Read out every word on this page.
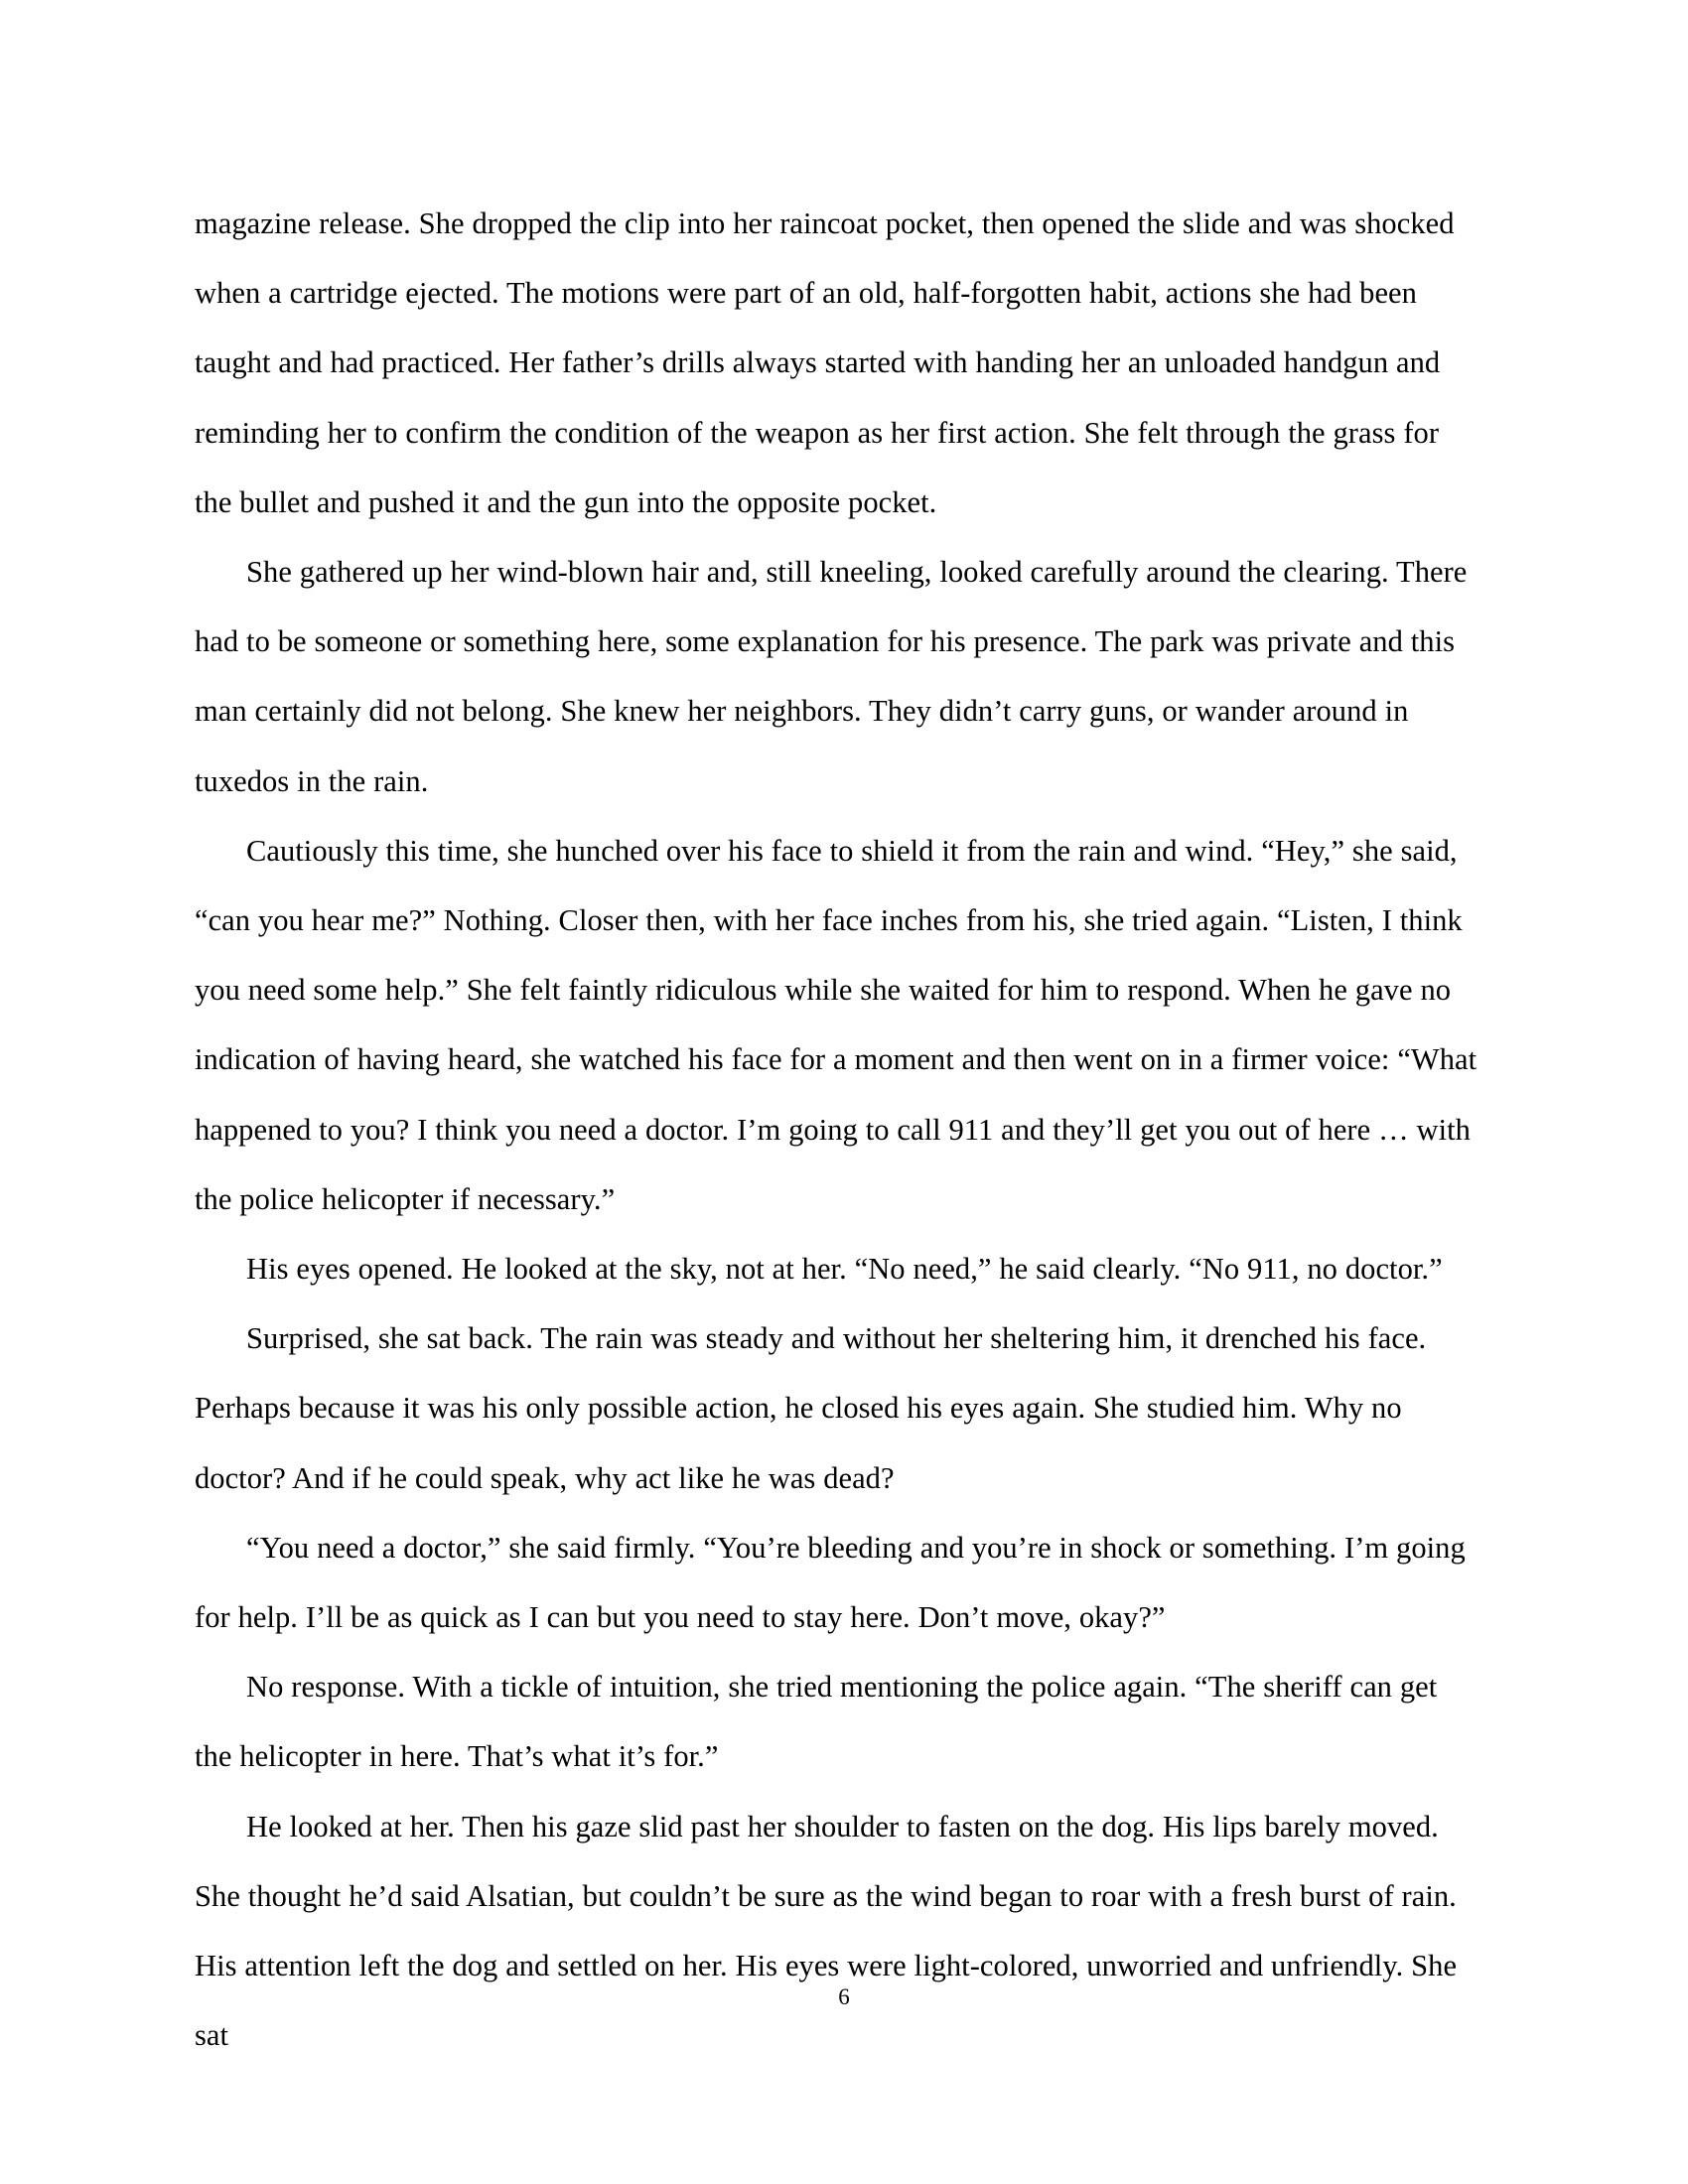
magazine release. She dropped the clip into her raincoat pocket, then opened the slide and was shocked when a cartridge ejected. The motions were part of an old, half-forgotten habit, actions she had been taught and had practiced. Her father’s drills always started with handing her an unloaded handgun and reminding her to confirm the condition of the weapon as her first action. She felt through the grass for the bullet and pushed it and the gun into the opposite pocket.

She gathered up her wind-blown hair and, still kneeling, looked carefully around the clearing. There had to be someone or something here, some explanation for his presence. The park was private and this man certainly did not belong. She knew her neighbors. They didn’t carry guns, or wander around in tuxedos in the rain.

Cautiously this time, she hunched over his face to shield it from the rain and wind. “Hey,” she said, “can you hear me?” Nothing. Closer then, with her face inches from his, she tried again. “Listen, I think you need some help.” She felt faintly ridiculous while she waited for him to respond. When he gave no indication of having heard, she watched his face for a moment and then went on in a firmer voice: “What happened to you? I think you need a doctor. I’m going to call 911 and they’ll get you out of here … with the police helicopter if necessary.”

His eyes opened. He looked at the sky, not at her. “No need,” he said clearly. “No 911, no doctor.”

Surprised, she sat back. The rain was steady and without her sheltering him, it drenched his face. Perhaps because it was his only possible action, he closed his eyes again. She studied him. Why no doctor? And if he could speak, why act like he was dead?

“You need a doctor,” she said firmly. “You’re bleeding and you’re in shock or something. I’m going for help. I’ll be as quick as I can but you need to stay here. Don’t move, okay?”

No response. With a tickle of intuition, she tried mentioning the police again. “The sheriff can get the helicopter in here. That’s what it’s for.”

He looked at her. Then his gaze slid past her shoulder to fasten on the dog. His lips barely moved. She thought he’d said Alsatian, but couldn’t be sure as the wind began to roar with a fresh burst of rain. His attention left the dog and settled on her. His eyes were light-colored, unworried and unfriendly. She sat

6
